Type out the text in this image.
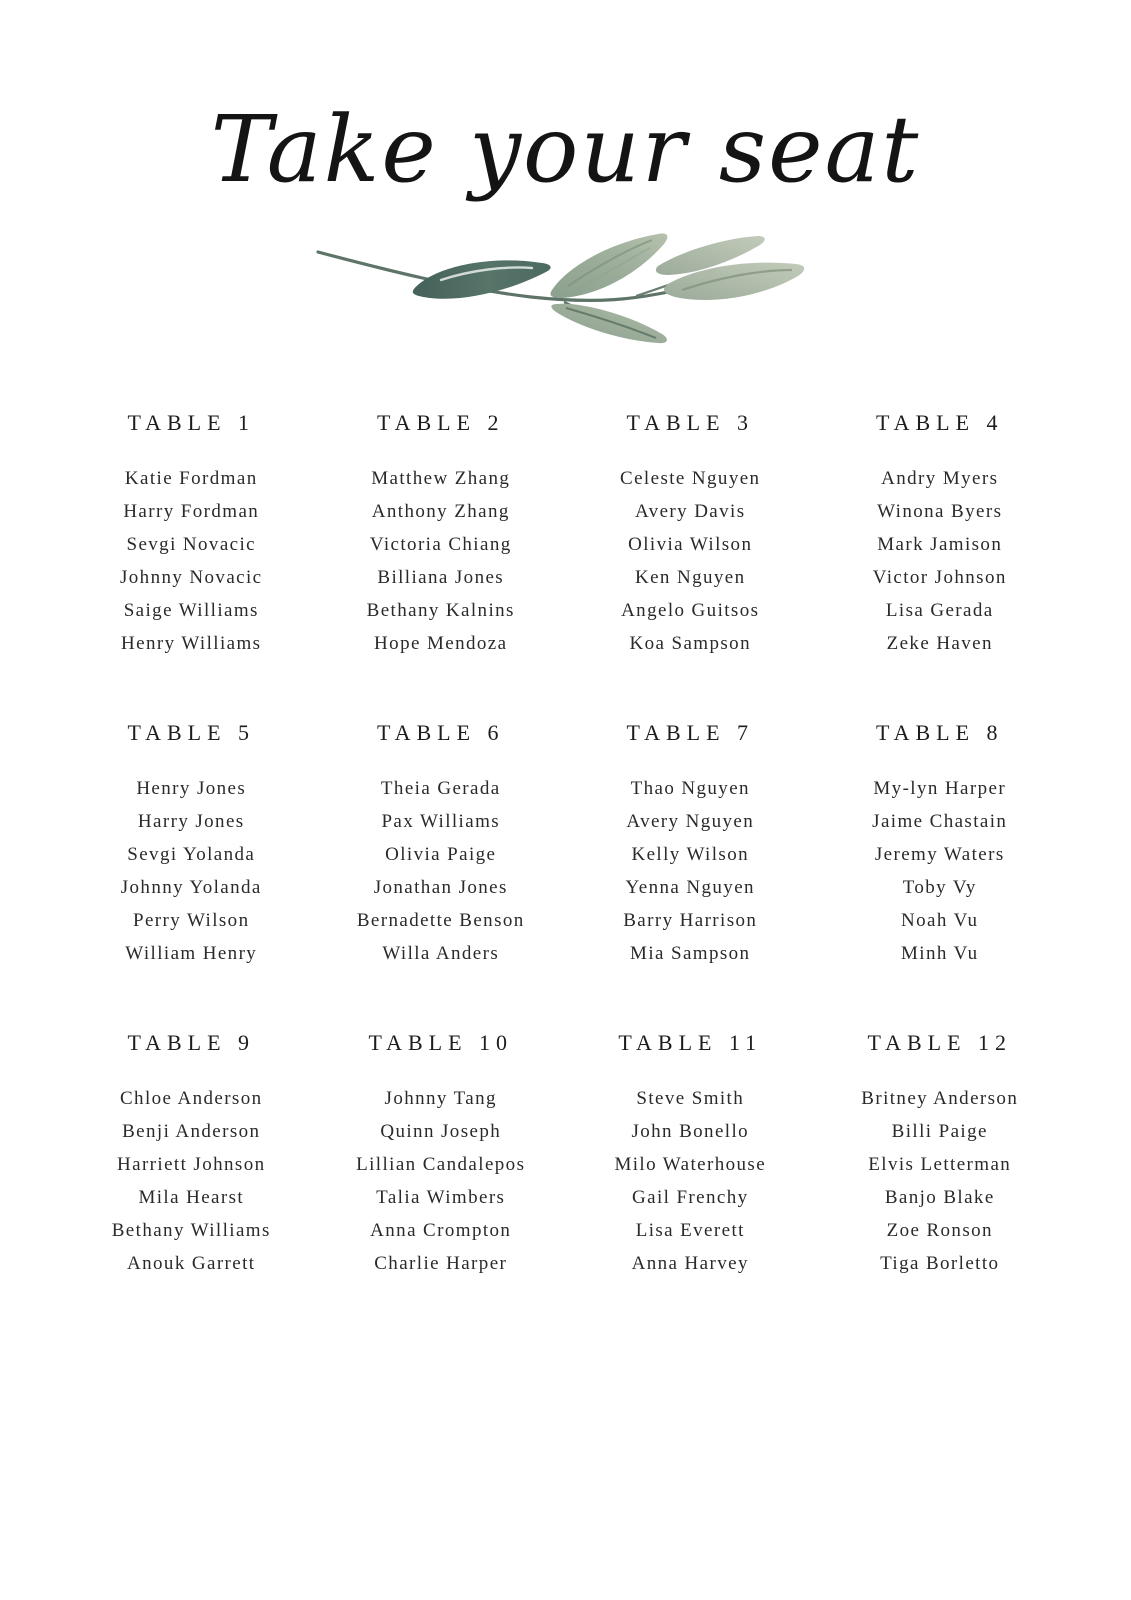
Take your seat
TABLE 1
Katie Fordman
Harry Fordman
Sevgi Novacic
Johnny Novacic
Saige Williams
Henry Williams
TABLE 2
Matthew Zhang
Anthony Zhang
Victoria Chiang
Billiana Jones
Bethany Kalnins
Hope Mendoza
TABLE 3
Celeste Nguyen
Avery Davis
Olivia Wilson
Ken Nguyen
Angelo Guitsos
Koa Sampson
TABLE 4
Andry Myers
Winona Byers
Mark Jamison
Victor Johnson
Lisa Gerada
Zeke Haven
TABLE 5
Henry Jones
Harry Jones
Sevgi Yolanda
Johnny Yolanda
Perry Wilson
William Henry
TABLE 6
Theia Gerada
Pax Williams
Olivia Paige
Jonathan Jones
Bernadette Benson
Willa Anders
TABLE 7
Thao Nguyen
Avery Nguyen
Kelly Wilson
Yenna Nguyen
Barry Harrison
Mia Sampson
TABLE 8
My-lyn Harper
Jaime Chastain
Jeremy Waters
Toby Vy
Noah Vu
Minh Vu
TABLE 9
Chloe Anderson
Benji Anderson
Harriett Johnson
Mila Hearst
Bethany Williams
Anouk Garrett
TABLE 10
Johnny Tang
Quinn Joseph
Lillian Candalepos
Talia Wimbers
Anna Crompton
Charlie Harper
TABLE 11
Steve Smith
John Bonello
Milo Waterhouse
Gail Frenchy
Lisa Everett
Anna Harvey
TABLE 12
Britney Anderson
Billi Paige
Elvis Letterman
Banjo Blake
Zoe Ronson
Tiga Borletto
